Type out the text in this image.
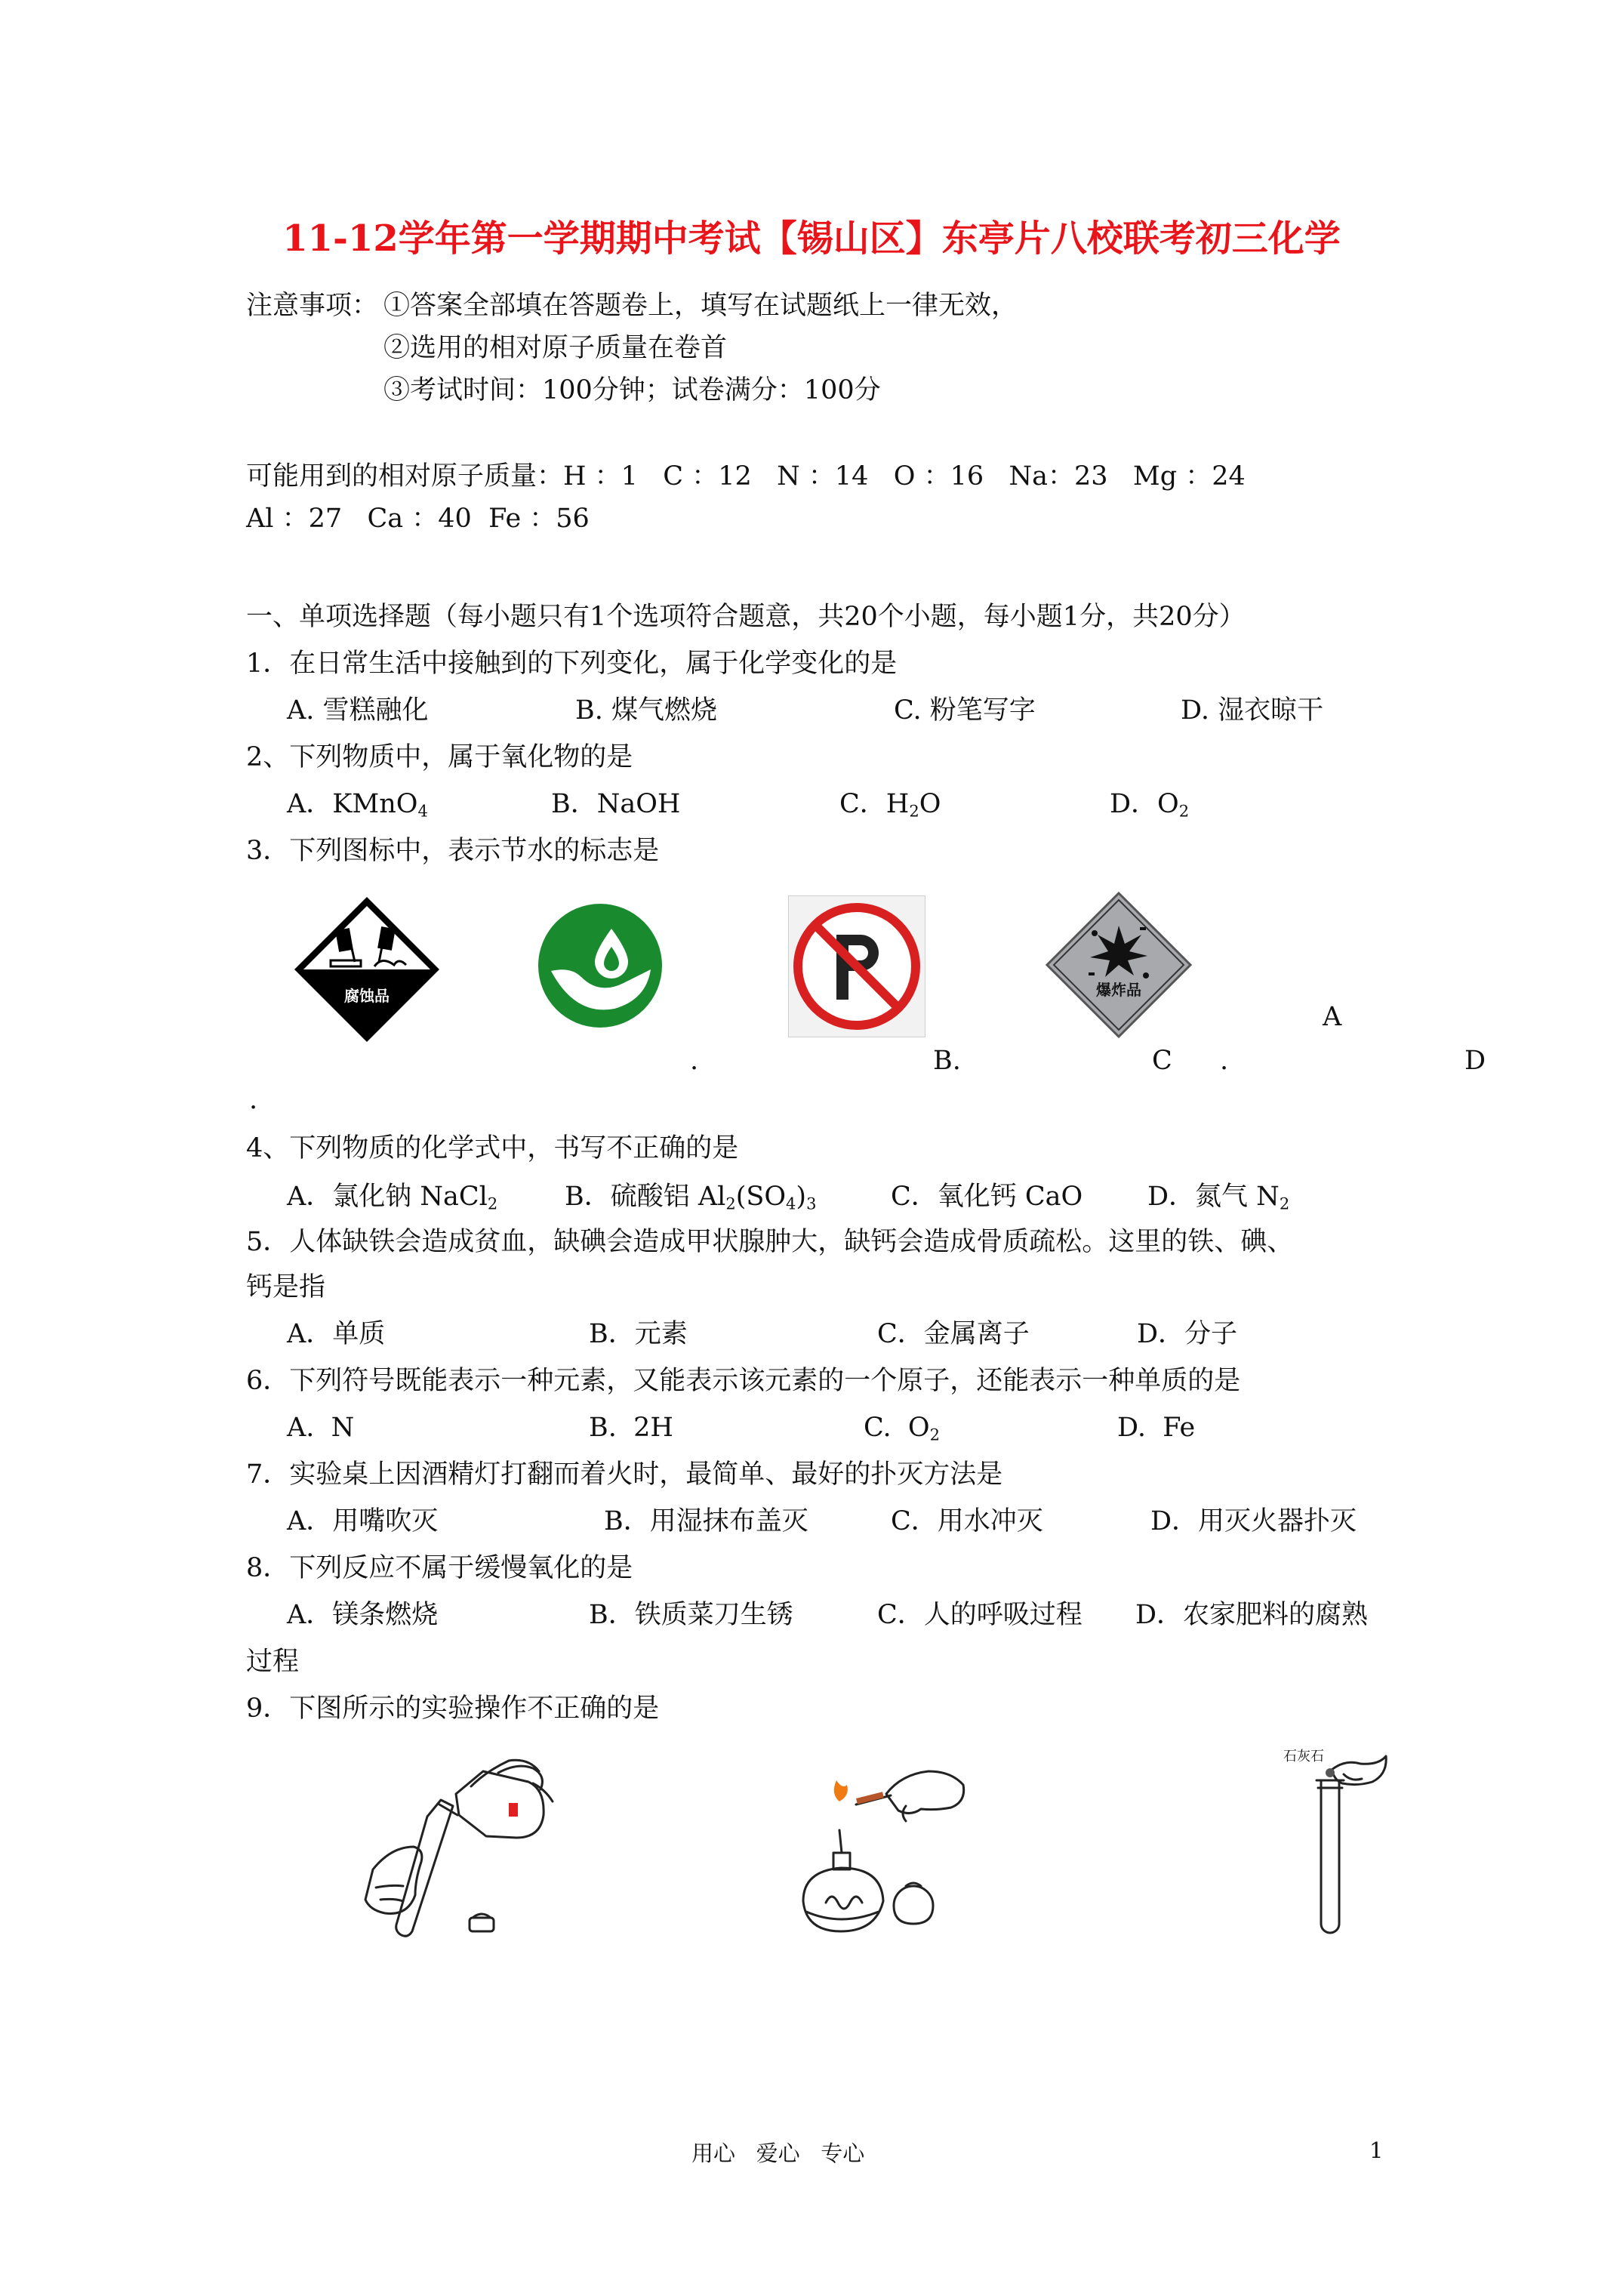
11-12学年第一学期期中考试【锡山区】东亭片八校联考初三化学
注意事项： ①答案全部填在答题卷上，填写在试题纸上一律无效，
②选用的相对原子质量在卷首
③考试时间：100分钟；试卷满分：100分
可能用到的相对原子质量：H ：1   C ：12   N ：14   O ：16   Na：23   Mg ：24
Al ：27   Ca ：40  Fe ：56
一、单项选择题（每小题只有1个选项符合题意，共20个小题，每小题1分，共20分）
1．在日常生活中接触到的下列变化，属于化学变化的是
A. 雪糕融化	B. 煤气燃烧	C. 粉笔写字	D. 湿衣晾干
2、下列物质中，属于氧化物的是
A．KMnO$_4$	B．NaOH	C．$H_2O$	D．$O_2$
3．下列图标中，表示节水的标志是
腐蚀品	爆炸品
A
.	B.	C .	D
.
4、下列物质的化学式中，书写不正确的是
A．氯化钠 NaCl$_2$	B．硫酸铝 $Al_2(SO_4)_3$	C．氧化钙 CaO D．氮气 $N_2$
5．人体缺铁会造成贫血，缺碘会造成甲状腺肿大，缺钙会造成骨质疏松。这里的铁、碘、
钙是指
A．单质	B．元素	C．金属离子	D．分子
6．下列符号既能表示一种元素，又能表示该元素的一个原子，还能表示一种单质的是
A.  N	B.  2H	C.  $O_2$	D.  Fe
7．实验桌上因酒精灯打翻而着火时，最简单、最好的扑灭方法是
A．用嘴吹灭	B．用湿抹布盖灭	C．用水冲灭	D．用灭火器扑灭
8．下列反应不属于缓慢氧化的是
A．镁条燃烧	B．铁质菜刀生锈	C．人的呼吸过程 D．农家肥料的腐熟
过程
9．下图所示的实验操作不正确的是
石灰石
用心   爱心   专心	1
